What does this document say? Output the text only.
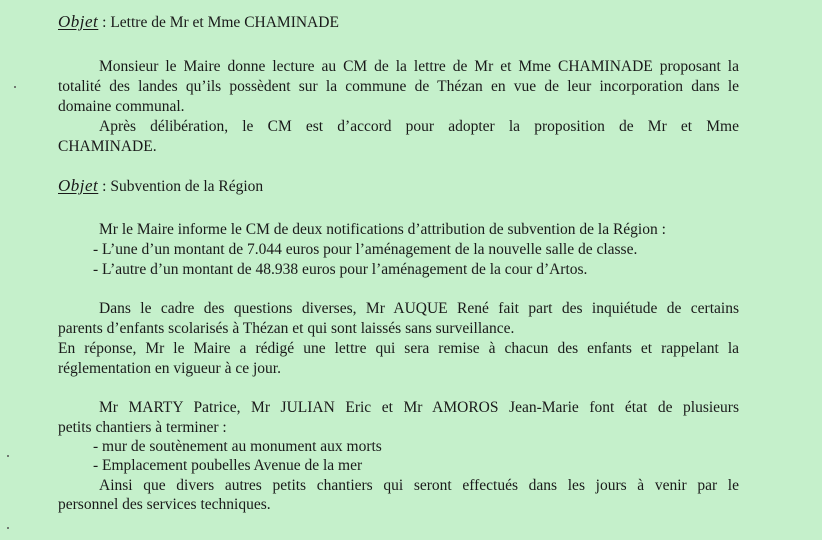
Objet : Lettre de Mr et Mme CHAMINADE
Monsieur le Maire donne lecture au CM de la lettre de Mr et Mme CHAMINADE proposant la
totalité des landes qu’ils possèdent sur la commune de Thézan en vue de leur incorporation dans le
domaine communal.
Après délibération, le CM est d’accord pour adopter la proposition de Mr et Mme
CHAMINADE.
Objet : Subvention de la Région
Mr le Maire informe le CM de deux notifications d’attribution de subvention de la Région :
- L’une d’un montant de 7.044 euros pour l’aménagement de la nouvelle salle de classe.
- L’autre d’un montant de 48.938 euros pour l’aménagement de la cour d’Artos.
Dans le cadre des questions diverses, Mr AUQUE René fait part des inquiétude de certains
parents d’enfants scolarisés à Thézan et qui sont laissés sans surveillance.
En réponse, Mr le Maire a rédigé une lettre qui sera remise à chacun des enfants et rappelant la
réglementation en vigueur à ce jour.
Mr MARTY Patrice, Mr JULIAN Eric et Mr AMOROS Jean-Marie font état de plusieurs
petits chantiers à terminer :
- mur de soutènement au monument aux morts
- Emplacement poubelles Avenue de la mer
Ainsi que divers autres petits chantiers qui seront effectués dans les jours à venir par le
personnel des services techniques.
